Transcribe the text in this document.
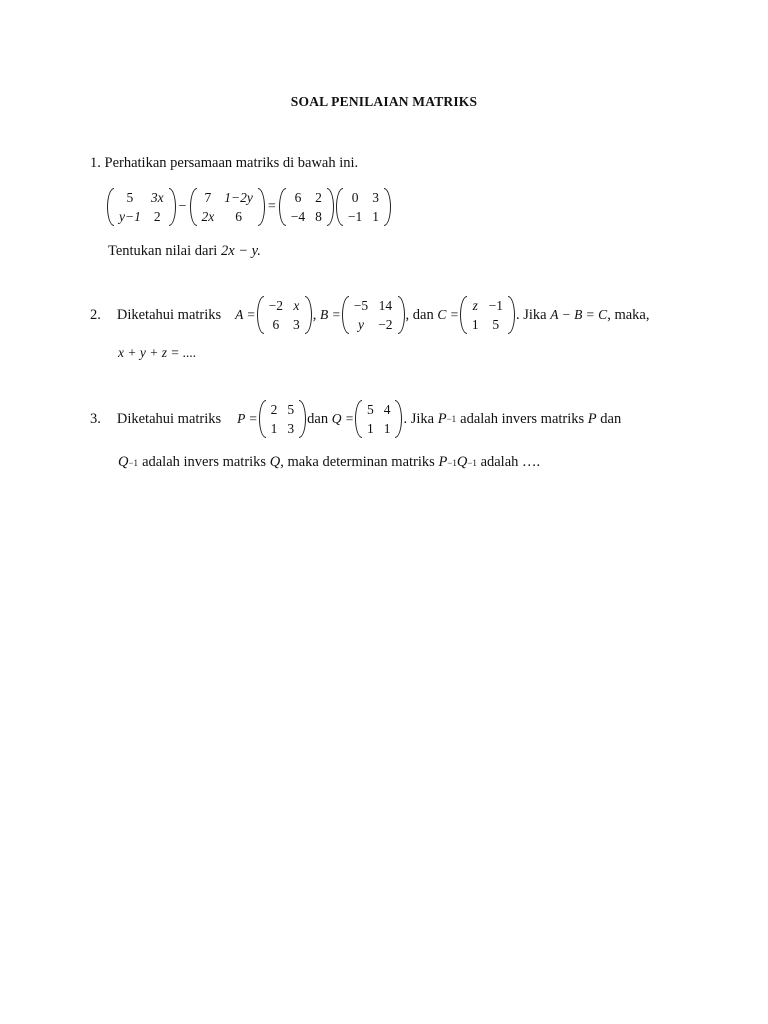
SOAL PENILAIAN MATRIKS
1.
Perhatikan persamaan matriks di bawah ini.
5	3x
y−1	2
−
7	1−2y
2x	6
=
6	2
−4	8
0	3
−1	1
Tentukan nilai dari
2x − y.
2. Diketahui matriks A =
−2	x
6	3
, B =
−5	14
y	−2
, dan
C =
z	−1
1	5
. Jika
A − B = C , maka,
x + y + z = ....
3. Diketahui matriks P =
2	5
1	3
dan
Q =
5	4
1	1
. Jika
P −1 adalah invers matriks
P
dan
Q −1 adalah invers matriks
Q , maka determinan matriks
P −1 Q −1
adalah ….
